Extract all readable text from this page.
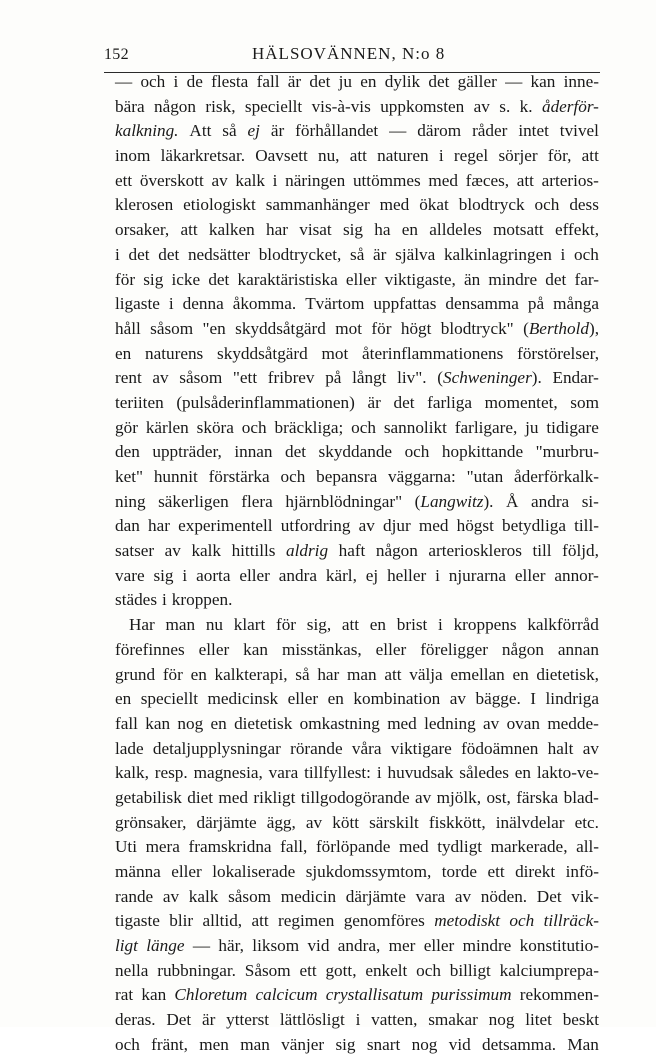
152	HÄLSOVÄNNEN, N:o 8
— och i de flesta fall är det ju en dylik det gäller — kan inne-
bära någon risk, speciellt vis-à-vis uppkomsten av s. k. åderför-
kalkning. Att så ej är förhållandet — därom råder intet tvivel
inom läkarkretsar. Oavsett nu, att naturen i regel sörjer för, att
ett överskott av kalk i näringen uttömmes med fæces, att arterios-
klerosen etiologiskt sammanhänger med ökat blodtryck och dess
orsaker, att kalken har visat sig ha en alldeles motsatt effekt,
i det det nedsätter blodtrycket, så är själva kalkinlagringen i och
för sig icke det karaktäristiska eller viktigaste, än mindre det far-
ligaste i denna åkomma. Tvärtom uppfattas densamma på många
håll såsom "en skyddsåtgärd mot för högt blodtryck" (Berthold),
en naturens skyddsåtgärd mot återinflammationens förstörelser,
rent av såsom "ett fribrev på långt liv". (Schweninger). Endar-
teriiten (pulsåderinflammationen) är det farliga momentet, som
gör kärlen sköra och bräckliga; och sannolikt farligare, ju tidigare
den uppträder, innan det skyddande och hopkittande "murbru-
ket" hunnit förstärka och bepansra väggarna: "utan åderförkalk-
ning säkerligen flera hjärnblödningar" (Langwitz). Å andra si-
dan har experimentell utfordring av djur med högst betydliga till-
satser av kalk hittills aldrig haft någon arterioskleros till följd,
vare sig i aorta eller andra kärl, ej heller i njurarna eller annor-
städes i kroppen.
Har man nu klart för sig, att en brist i kroppens kalkförråd
förefinnes eller kan misstänkas, eller föreligger någon annan
grund för en kalkterapi, så har man att välja emellan en dietetisk,
en speciellt medicinsk eller en kombination av bägge. I lindriga
fall kan nog en dietetisk omkastning med ledning av ovan medde-
lade detaljupplysningar rörande våra viktigare födoämnen halt av
kalk, resp. magnesia, vara tillfyllest: i huvudsak således en lakto-ve-
getabilisk diet med rikligt tillgodogörande av mjölk, ost, färska blad-
grönsaker, därjämte ägg, av kött särskilt fiskkött, inälvdelar etc.
Uti mera framskridna fall, förlöpande med tydligt markerade, all-
männa eller lokaliserade sjukdomssymtom, torde ett direkt infö-
rande av kalk såsom medicin därjämte vara av nöden. Det vik-
tigaste blir alltid, att regimen genomföres metodiskt och tillräck-
ligt länge — här, liksom vid andra, mer eller mindre konstitutio-
nella rubbningar. Såsom ett gott, enkelt och billigt kalciumprepa-
rat kan Chloretum calcicum crystallisatum purissimum rekommen-
deras. Det är ytterst lättlösligt i vatten, smakar nog litet beskt
och fränt, men man vänjer sig snart nog vid detsamma. Man
